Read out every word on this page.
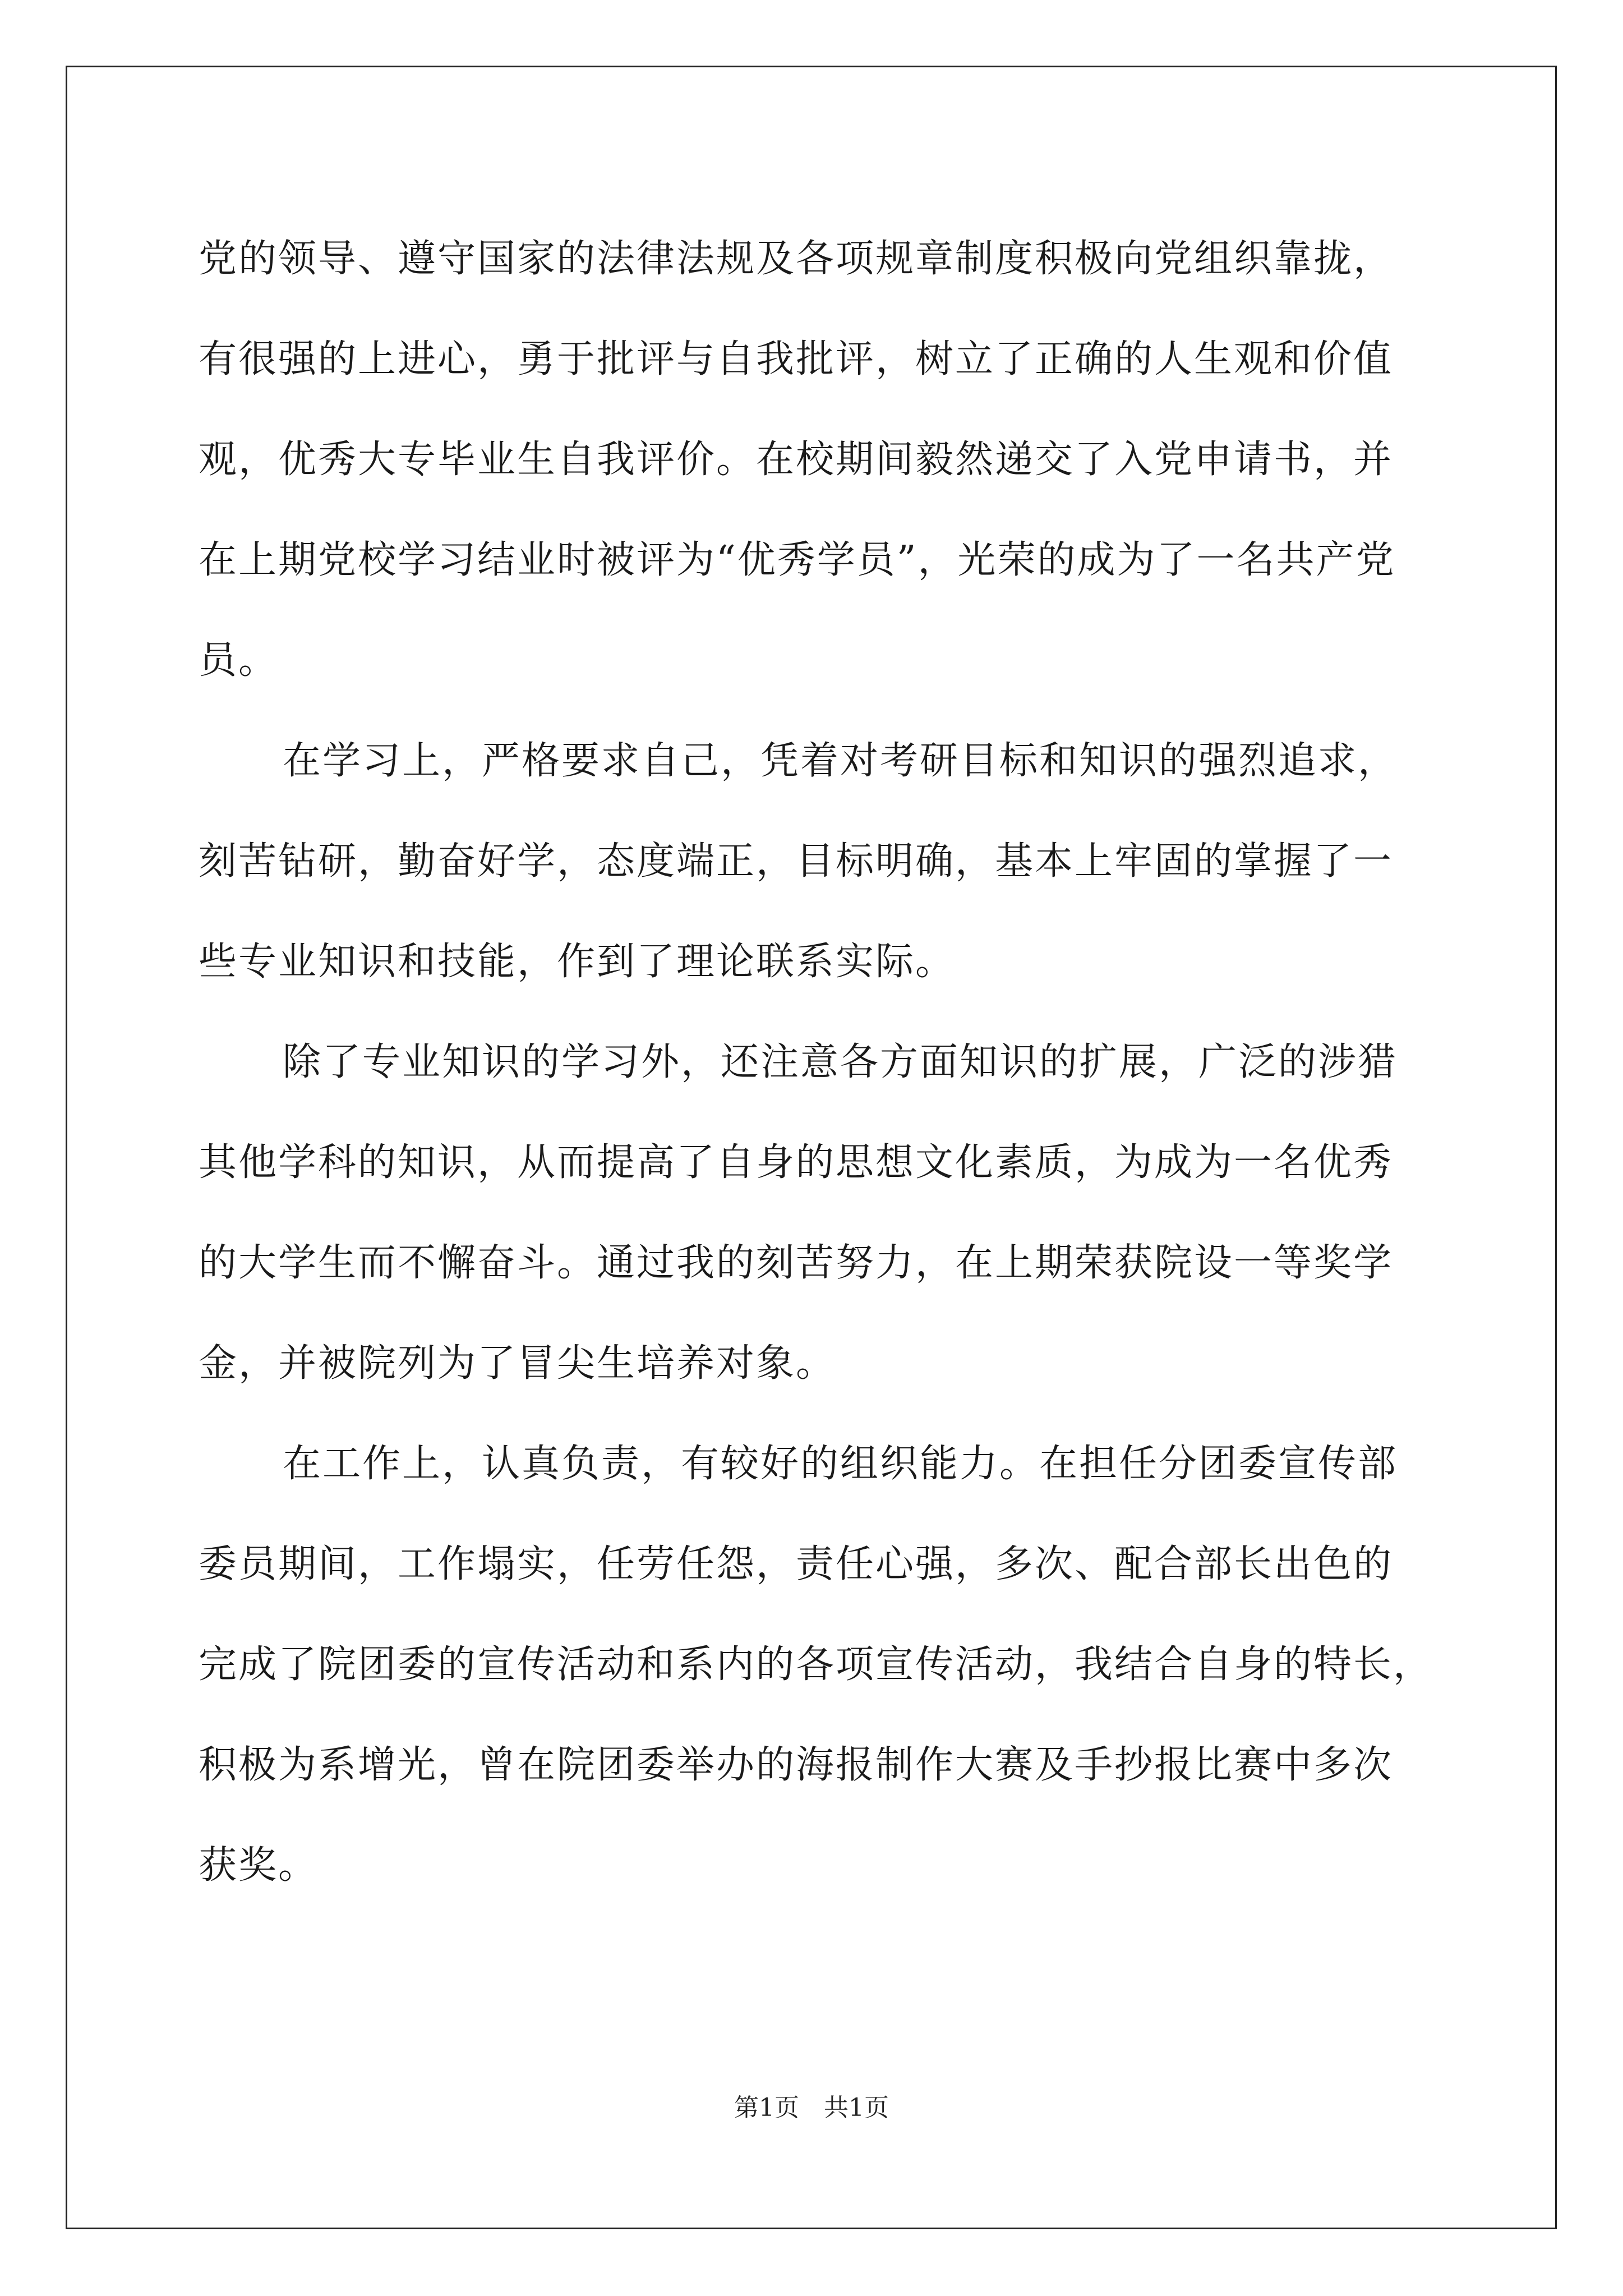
党的领导、遵守国家的法律法规及各项规章制度积极向党组织靠拢，
有很强的上进心，勇于批评与自我批评，树立了正确的人生观和价值
观，优秀大专毕业生自我评价。在校期间毅然递交了入党申请书，并
在上期党校学习结业时被评为“优秀学员”，光荣的成为了一名共产党
员。

在学习上，严格要求自己，凭着对考研目标和知识的强烈追求，
刻苦钻研，勤奋好学，态度端正，目标明确，基本上牢固的掌握了一
些专业知识和技能，作到了理论联系实际。

除了专业知识的学习外，还注意各方面知识的扩展，广泛的涉猎
其他学科的知识，从而提高了自身的思想文化素质，为成为一名优秀
的大学生而不懈奋斗。通过我的刻苦努力，在上期荣获院设一等奖学
金，并被院列为了冒尖生培养对象。

在工作上，认真负责，有较好的组织能力。在担任分团委宣传部
委员期间，工作塌实，任劳任怨，责任心强，多次、配合部长出色的
完成了院团委的宣传活动和系内的各项宣传活动，我结合自身的特长，
积极为系增光，曾在院团委举办的海报制作大赛及手抄报比赛中多次
获奖。

第1页　共1页
